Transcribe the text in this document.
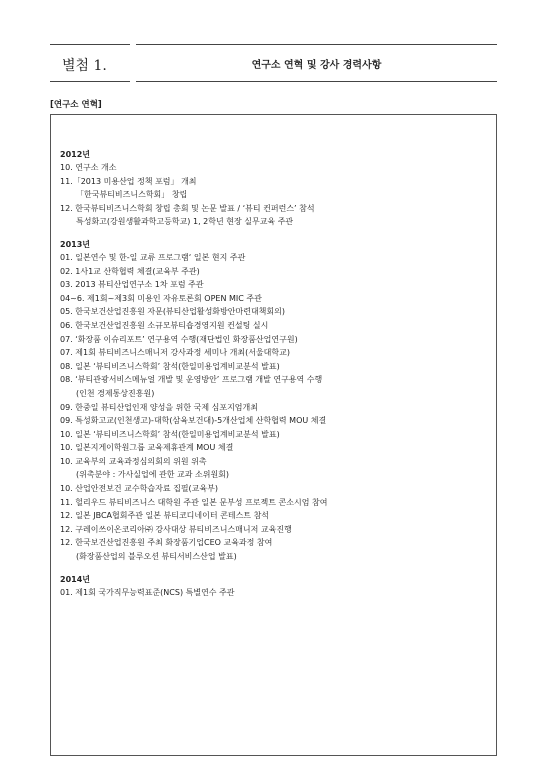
별첨 1.	연구소 연혁 및 강사 경력사항
[연구소 연혁]
2012년
10. 연구소 개소
11.「2013 미용산업 정책 포럼」 개최
「한국뷰티비즈니스학회」 창립
12. 한국뷰티비즈니스학회 창립 총회 및 논문 발표 / ‘뷰티 컨퍼런스’ 참석
특성화고(강원생활과학고등학교) 1, 2학년 현장 실무교육 주관
2013년
01. 일본연수 및 한-일 교류 프로그램‘ 일본 현지 주관
02. 1사1교 산학협력 체결(교육부 주관)
03. 2013 뷰티산업연구소 1차 포럼 주관
04~6. 제1회~제3회 미용인 자유토론회 OPEN MIC 주관
05. 한국보건산업진흥원 자문(뷰티산업활성화방안마련대책회의)
06. 한국보건산업진흥원 소규모뷰티숍경영지원 컨설팅 실시
07. ‘화장품 이슈리포트’ 연구용역 수행(재단법인 화장품산업연구원)
07. 제1회 뷰티비즈니스매니저 강사과정 세미나 개최(서울대학교)
08. 일본 ‘뷰티비즈니스학회’ 참석(한일미용업계비교분석 발표)
08. ‘뷰티관광서비스메뉴얼 개발 및 운영방안’ 프로그램 개발 연구용역 수행
(인천 경제통상진흥원)
09. 한중일 뷰티산업인재 양성을 위한 국제 심포지엄개최
09. 특성화고교(인천생고)-대학(삼육보건대)-5개산업체 산학협력 MOU 체결
10. 일본 ‘뷰티비즈니스학회’ 참석(한일미용업계비교분석 발표)
10. 일본지게이학원그룹 교육제휴관계 MOU 체결
10. 교육부의 교육과정심의회의 위원 위촉
(위촉분야 : 가사실업에 관한 교과 소위원회)
10. 산업안전보건 교수학습자료 집필(교육부)
11. 헐리우드 뷰티비즈니스 대학원 주관 일본 문부성 프로젝트 콘소시엄 참여
12. 일본 JBCA협회주관 일본 뷰티코디네이터 콘테스트 참석
12. 구레이쓰이온코리아㈜ 강사대상 뷰티비즈니스매니저 교육진행
12. 한국보건산업진흥원 주최 화장품기업CEO 교육과정 참여
(화장품산업의 블루오션 뷰티서비스산업 발표)
2014년
01. 제1회 국가직무능력표준(NCS) 특별연수 주관
